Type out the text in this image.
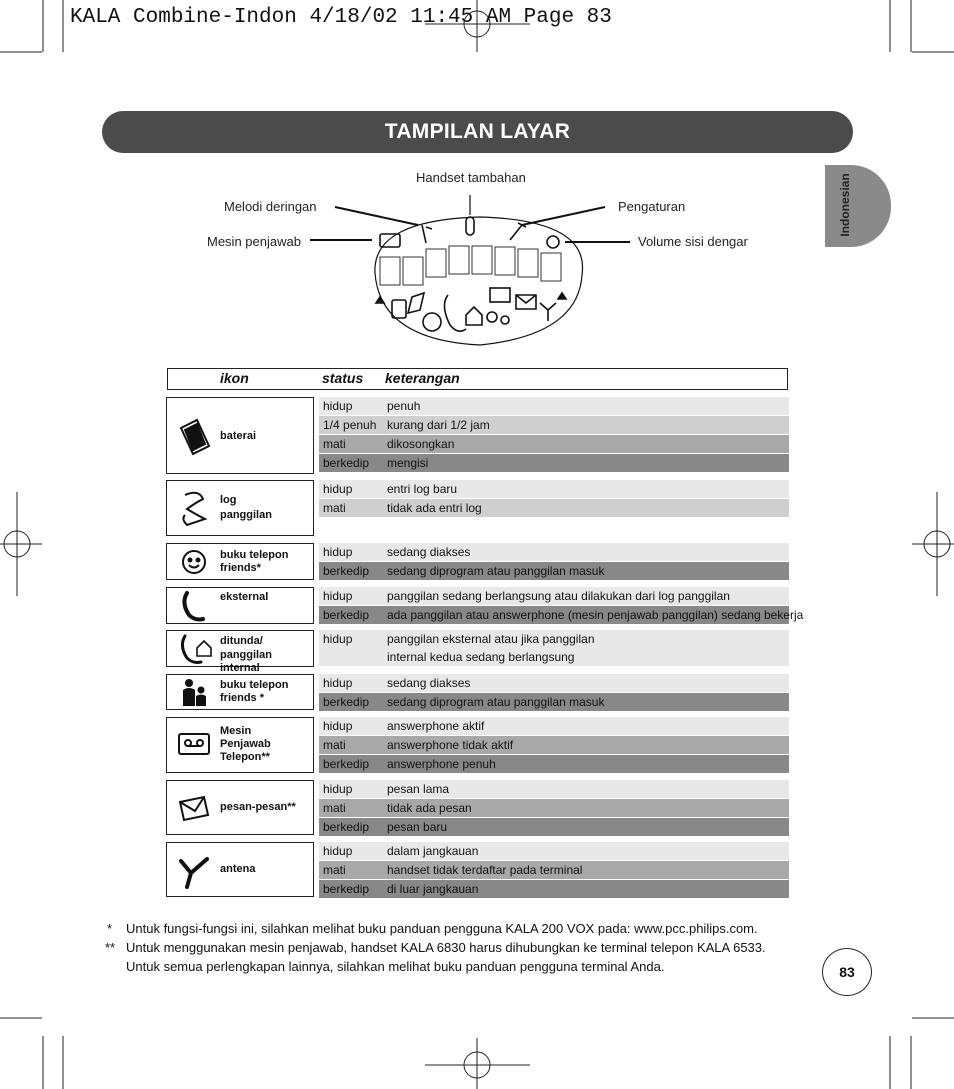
KALA Combine-Indon 4/18/02 11:45 AM Page 83
TAMPILAN LAYAR
Indonesian
Handset tambahan
Melodi deringan
Mesin penjawab
Pengaturan
Volume sisi dengar
ikon	status keterangan
baterai
hidup	penuh
1/4 penuh kurang dari 1/2 jam
mati	dikosongkan
berkedip mengisi
log
panggilan
hidup	entri log baru
mati	tidak ada entri log
buku telepon
friends*
hidup	sedang diakses
berkedip sedang diprogram atau panggilan masuk
eksternal	hidup	panggilan sedang berlangsung atau dilakukan dari log panggilan
berkedip ada panggilan atau answerphone (mesin penjawab panggilan) sedang bekerja
ditunda/
panggilan internal
hidup	panggilan eksternal atau jika panggilan
internal kedua sedang berlangsung
buku telepon
friends *
hidup	sedang diakses
berkedip sedang diprogram atau panggilan masuk
Mesin
Penjawab
Telepon**
hidup	answerphone aktif
mati	answerphone tidak aktif
berkedip answerphone penuh
pesan-pesan**
hidup	pesan lama
mati	tidak ada pesan
berkedip pesan baru
antena
hidup	dalam jangkauan
mati	handset tidak terdaftar pada terminal
berkedip di luar jangkauan
* Untuk fungsi-fungsi ini, silahkan melihat buku panduan pengguna KALA 200 VOX pada: www.pcc.philips.com.
** Untuk menggunakan mesin penjawab, handset KALA 6830 harus dihubungkan ke terminal telepon KALA 6533.
Untuk semua perlengkapan lainnya, silahkan melihat buku panduan pengguna terminal Anda.	83
